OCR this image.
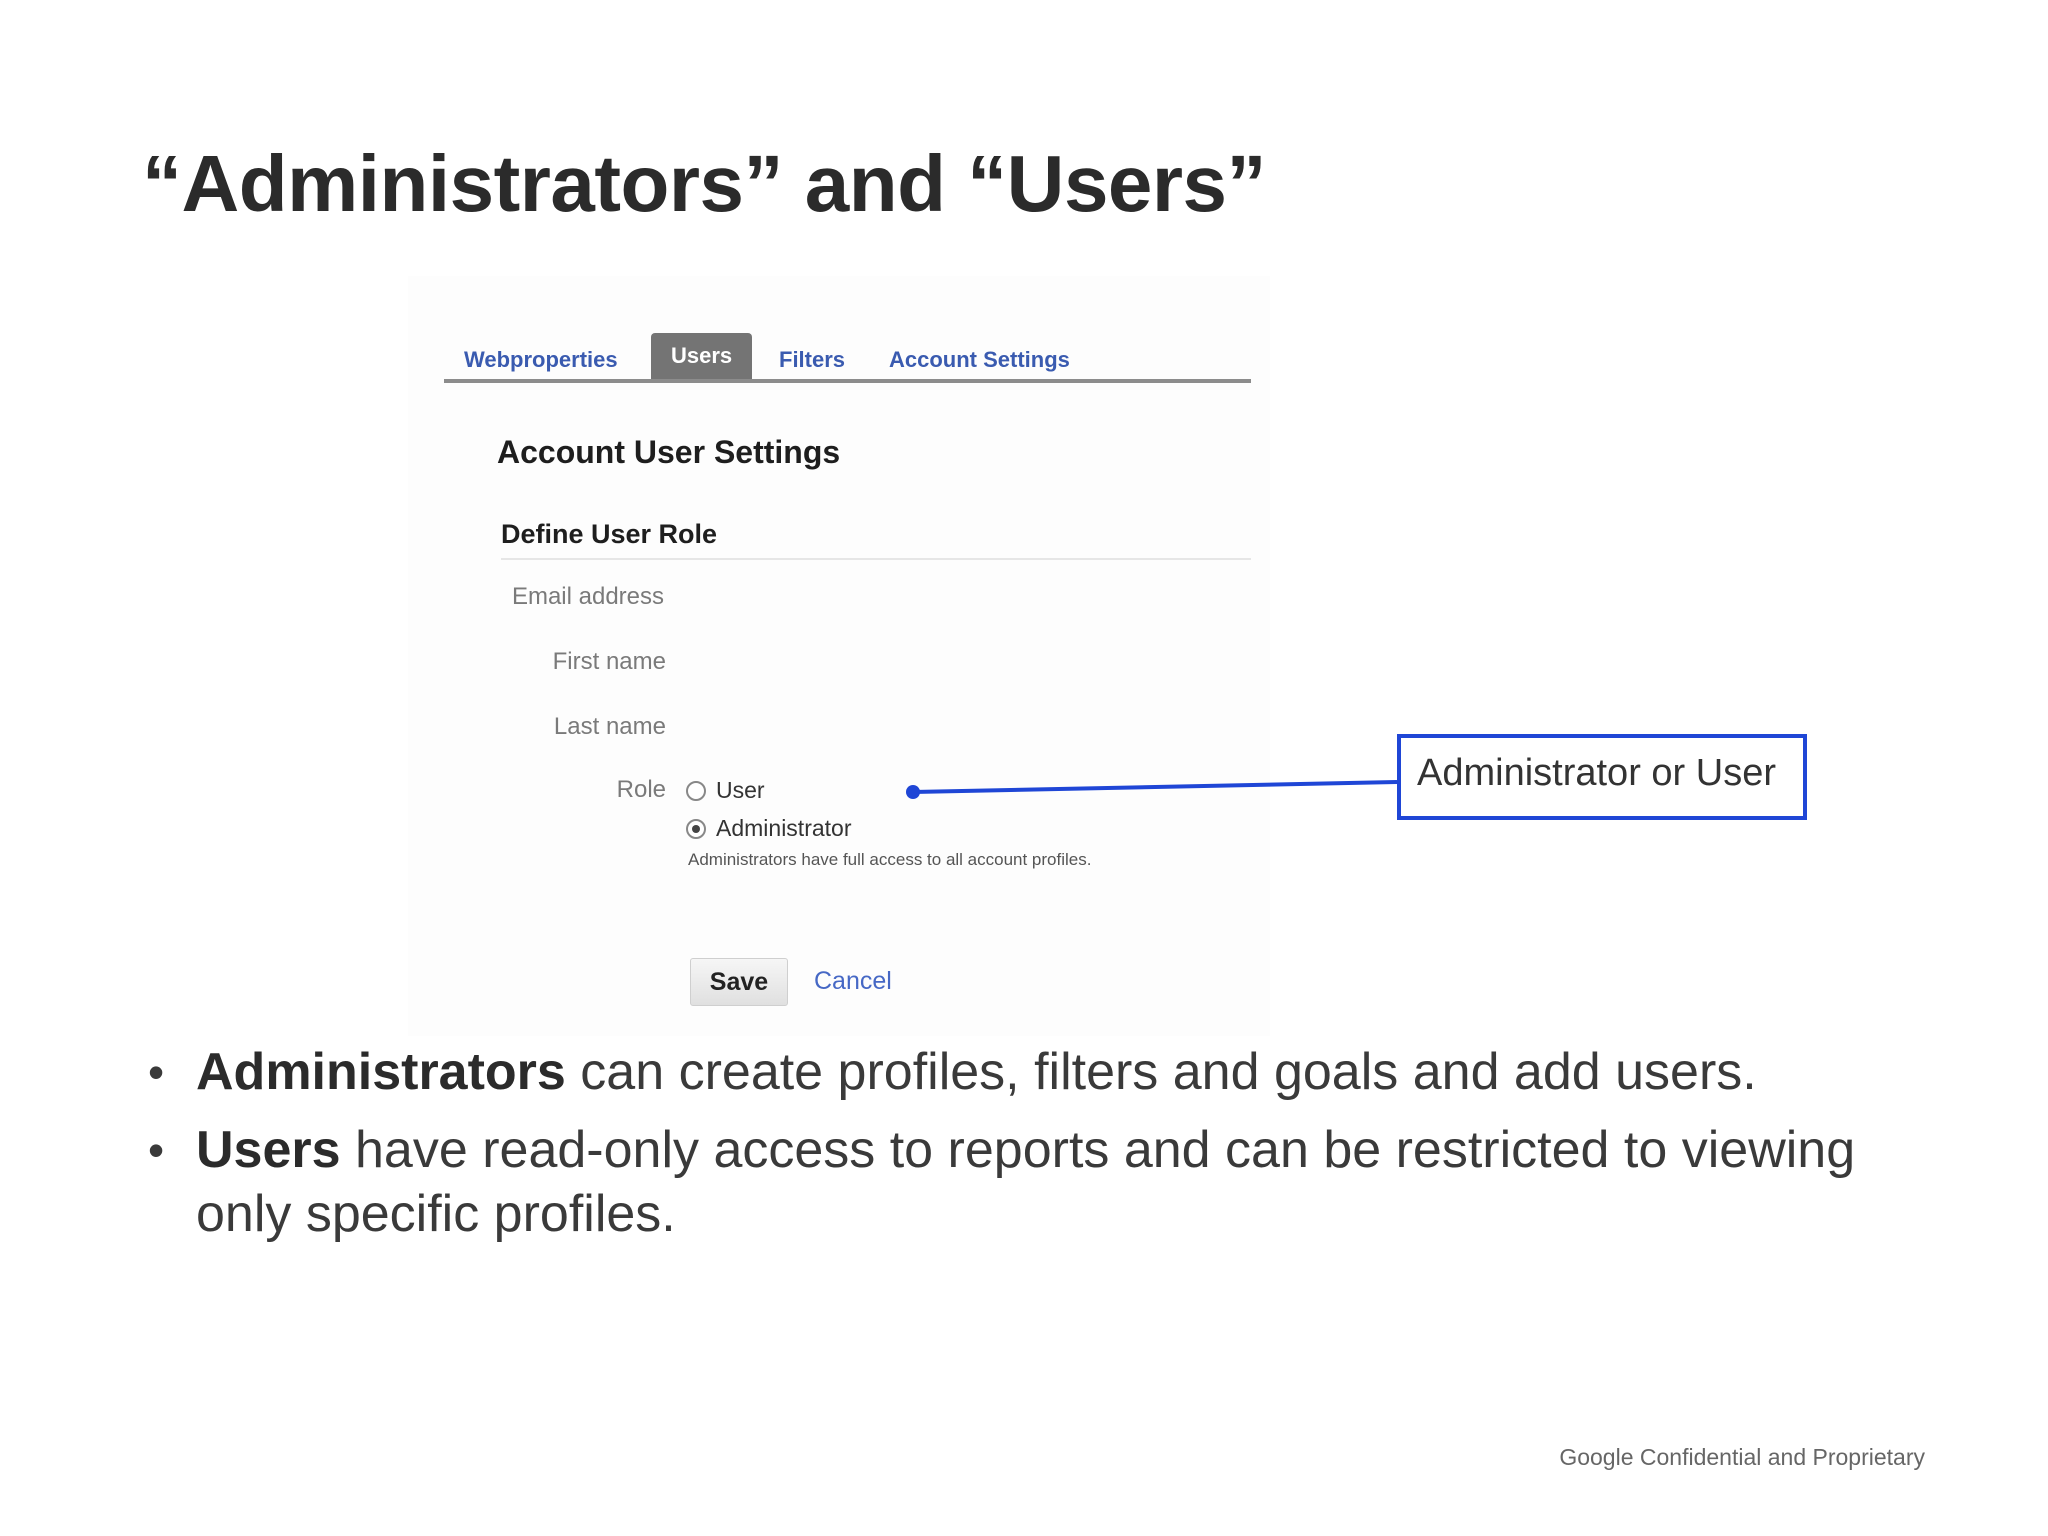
“Administrators” and “Users”
Webproperties	Users	Filters Account Settings
Account User Settings
Define User Role
Email address
First name
Last name
Role User
Administrator
Administrators have full access to all account profiles.
Save	Cancel
Administrator or User
• Administrators can create profiles, filters and goals and add users.
• Users have read-only access to reports and can be restricted to viewing only specific profiles.
Google Confidential and Proprietary
